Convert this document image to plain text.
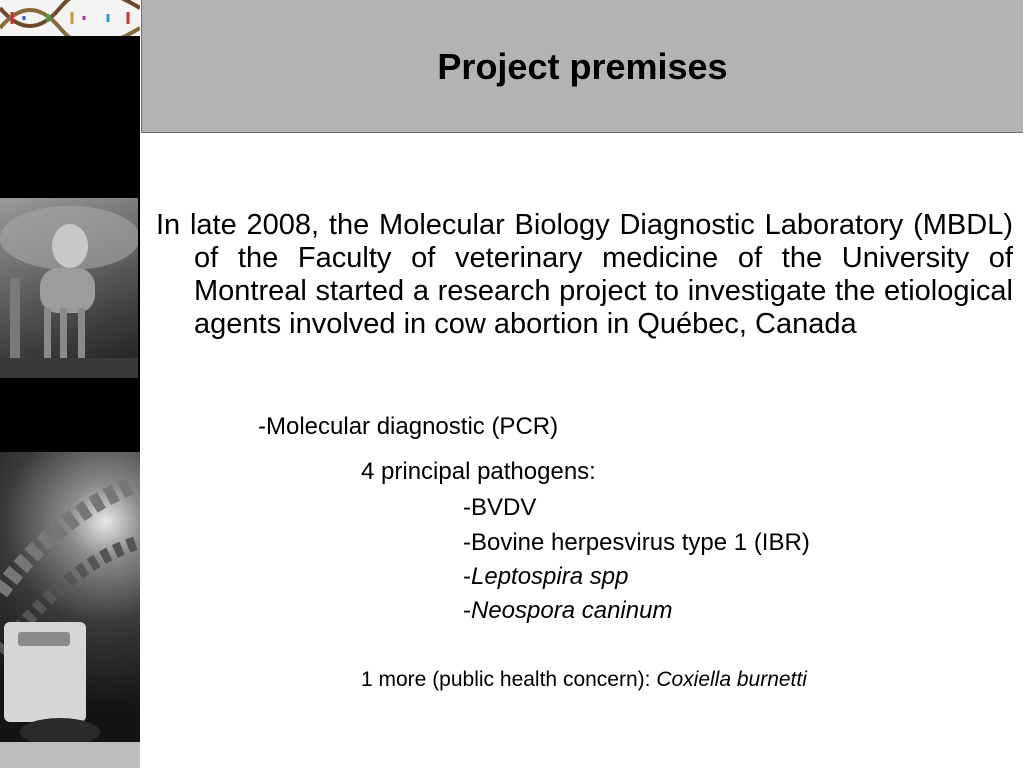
Project premises

In late 2008, the Molecular Biology Diagnostic Laboratory (MBDL) of the Faculty of veterinary medicine of the University of Montreal started a research project to investigate the etiological agents involved in cow abortion in Québec, Canada

-Molecular diagnostic (PCR)

4 principal pathogens:

-BVDV

-Bovine herpesvirus type 1 (IBR)

-Leptospira spp

-Neospora caninum

1 more (public health concern): Coxiella burnetti
